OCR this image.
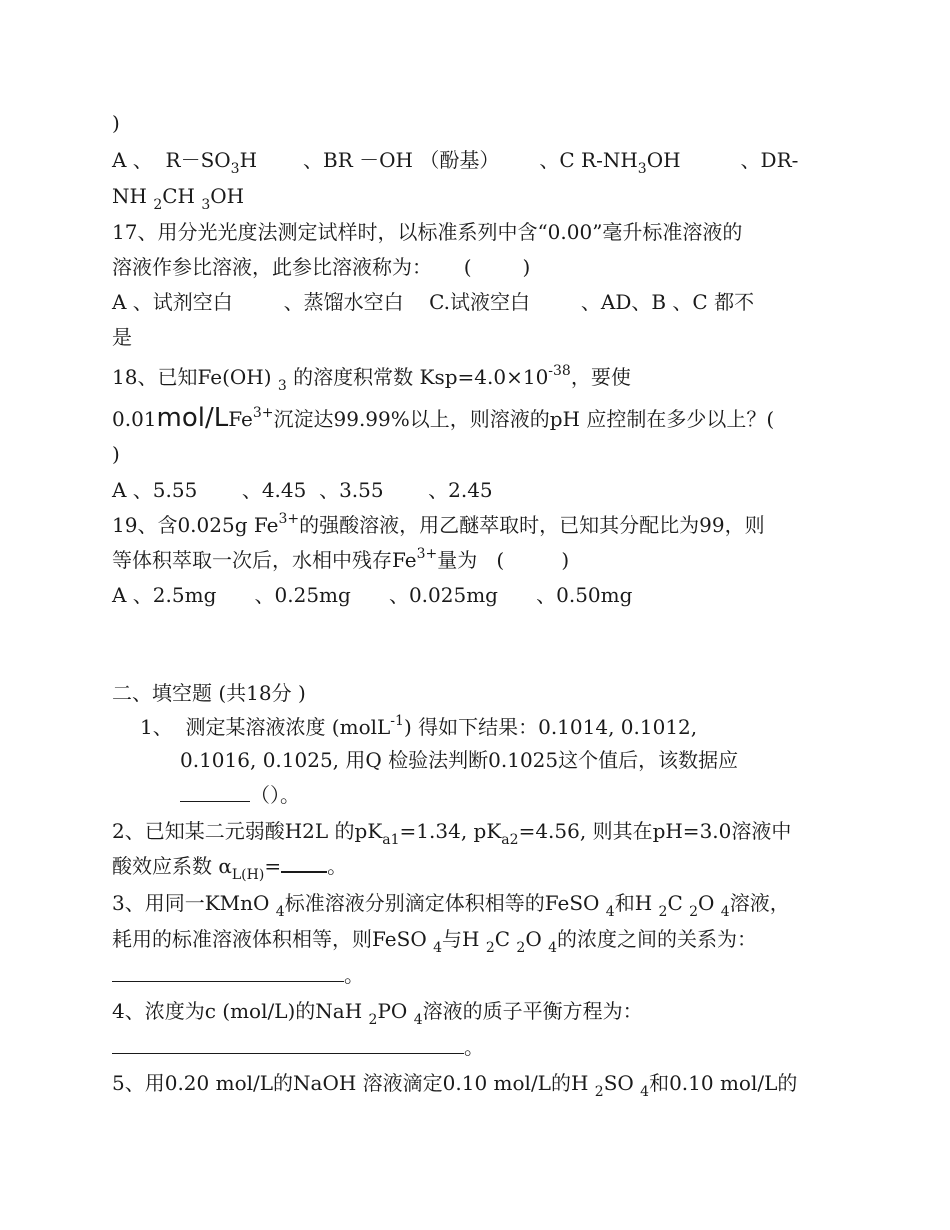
)
A 、  $R-SO_3H$ 、BR －OH （酚基） 、C $R-NH_3OH$	、DR-
NH $_2$CH $_3$OH
17、用分光光度法测定试样时，以标准系列中含“0.00”毫升标准溶液的
溶液作参比溶液，此参比溶液称为：     (        )
A 、试剂空白        、蒸馏水空白    C.试液空白        、AD、B 、C 都不
是
18、已知Fe(OH) $_3$ 的溶度积常数 $Ksp=4.0\times 10^{-38}$，要使
0.01mol/LFe$^{3+}$沉淀达99.99%以上，则溶液的pH 应控制在多少以上？(
)
A 、5.55       、4.45  、3.55       、2.45
19、含0.025g $Fe^{3+}$的强酸溶液，用乙醚萃取时，已知其分配比为99，则
等体积萃取一次后，水相中残存$Fe^{3+}$量为   (         )
A 、2.5mg      、0.25mg      、0.025mg      、0.50mg
二、填空题 (共18分 )
1、  测定某溶液浓度 (molL$^{-1}$) 得如下结果：0.1014, 0.1012,
0.1016, 0.1025, 用Q 检验法判断0.1025这个值后，该数据应
（）。
2、已知某二元弱酸H2L 的$pK_{a1}=1.34$, $pK_{a2}=4.56$, 则其在pH=3.0溶液中
酸效应系数 $\alpha_{L(H)}=$ 。
3、用同一KMnO $_4$标准溶液分别滴定体积相等的FeSO $_4$和H $_2$C $_2$O $_4$溶液，
耗用的标准溶液体积相等，则FeSO $_4$与H $_2$C $_2$O $_4$的浓度之间的关系为：
。
4、浓度为c (mol/L)的NaH $_2$PO $_4$溶液的质子平衡方程为：
。
5、用0.20 mol/L的NaOH 溶液滴定0.10 mol/L的H $_2$SO $_4$和0.10 mol/L的
